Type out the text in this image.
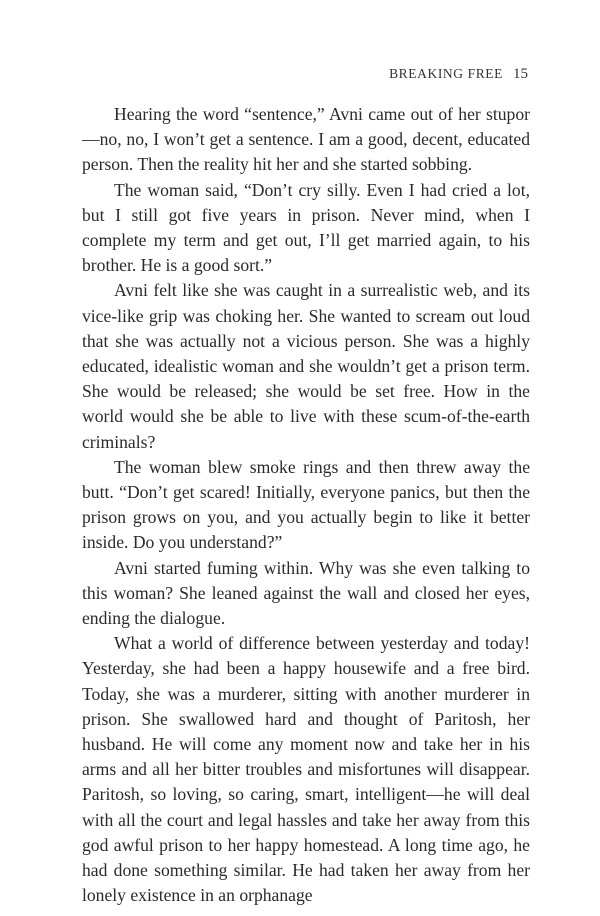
BREAKING FREE 15

Hearing the word “sentence,” Avni came out of her stupor—no, no, I won’t get a sentence. I am a good, decent, educated person. Then the reality hit her and she started sobbing.

The woman said, “Don’t cry silly. Even I had cried a lot, but I still got five years in prison. Never mind, when I complete my term and get out, I’ll get married again, to his brother. He is a good sort.”

Avni felt like she was caught in a surrealistic web, and its vice-like grip was choking her. She wanted to scream out loud that she was actually not a vicious person. She was a highly educated, idealistic woman and she wouldn’t get a prison term. She would be released; she would be set free. How in the world would she be able to live with these scum-of-the-earth criminals?

The woman blew smoke rings and then threw away the butt. “Don’t get scared! Initially, everyone panics, but then the prison grows on you, and you actually begin to like it better inside. Do you understand?”

Avni started fuming within. Why was she even talking to this woman? She leaned against the wall and closed her eyes, ending the dialogue.

What a world of difference between yesterday and today! Yesterday, she had been a happy housewife and a free bird. Today, she was a murderer, sitting with another murderer in prison. She swallowed hard and thought of Paritosh, her husband. He will come any moment now and take her in his arms and all her bitter troubles and misfortunes will disappear. Paritosh, so loving, so caring, smart, intelligent—he will deal with all the court and legal hassles and take her away from this god awful prison to her happy homestead. A long time ago, he had done something similar. He had taken her away from her lonely existence in an orphanage
